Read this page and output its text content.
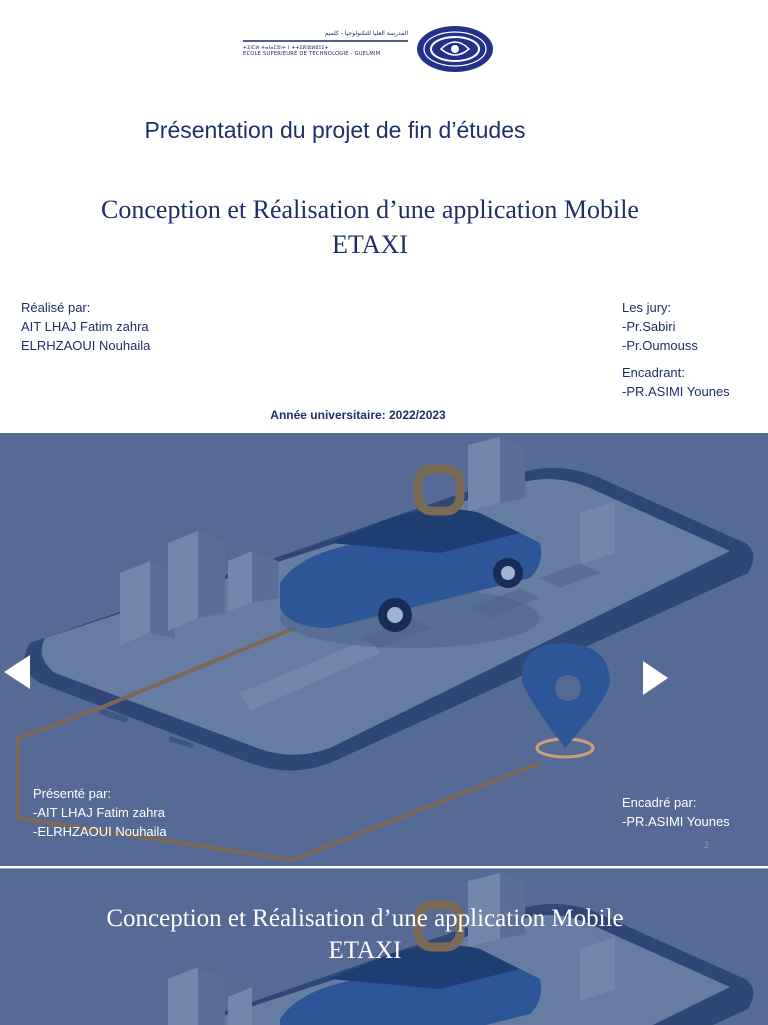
المدرسة العليا للتكنولوجيا - كلميم
ⵜⵉⵏⵎⵍ ⵜⴰⵏⴰⵎⵓⵏⵜ ⵏ ⵜⵜⵉⴽⵏⵓⵍⵓⵊⵉⵜ
ECOLE SUPERIEURE DE TECHNOLOGIE - GUELMIM
Présentation du projet de fin d’études
Conception et Réalisation d’une application Mobile
ETAXI
Réalisé par:
AIT LHAJ Fatim zahra
ELRHZAOUI Nouhaila
Les jury:
-Pr.Sabiri
-Pr.Oumouss
Encadrant:
-PR.ASIMI Younes
Année universitaire: 2022/2023
Présenté par:
-AIT LHAJ Fatim zahra
-ELRHZAOUI Nouhaila
Encadré par:
-PR.ASIMI Younes
2
Conception et Réalisation d’une application Mobile
ETAXI
